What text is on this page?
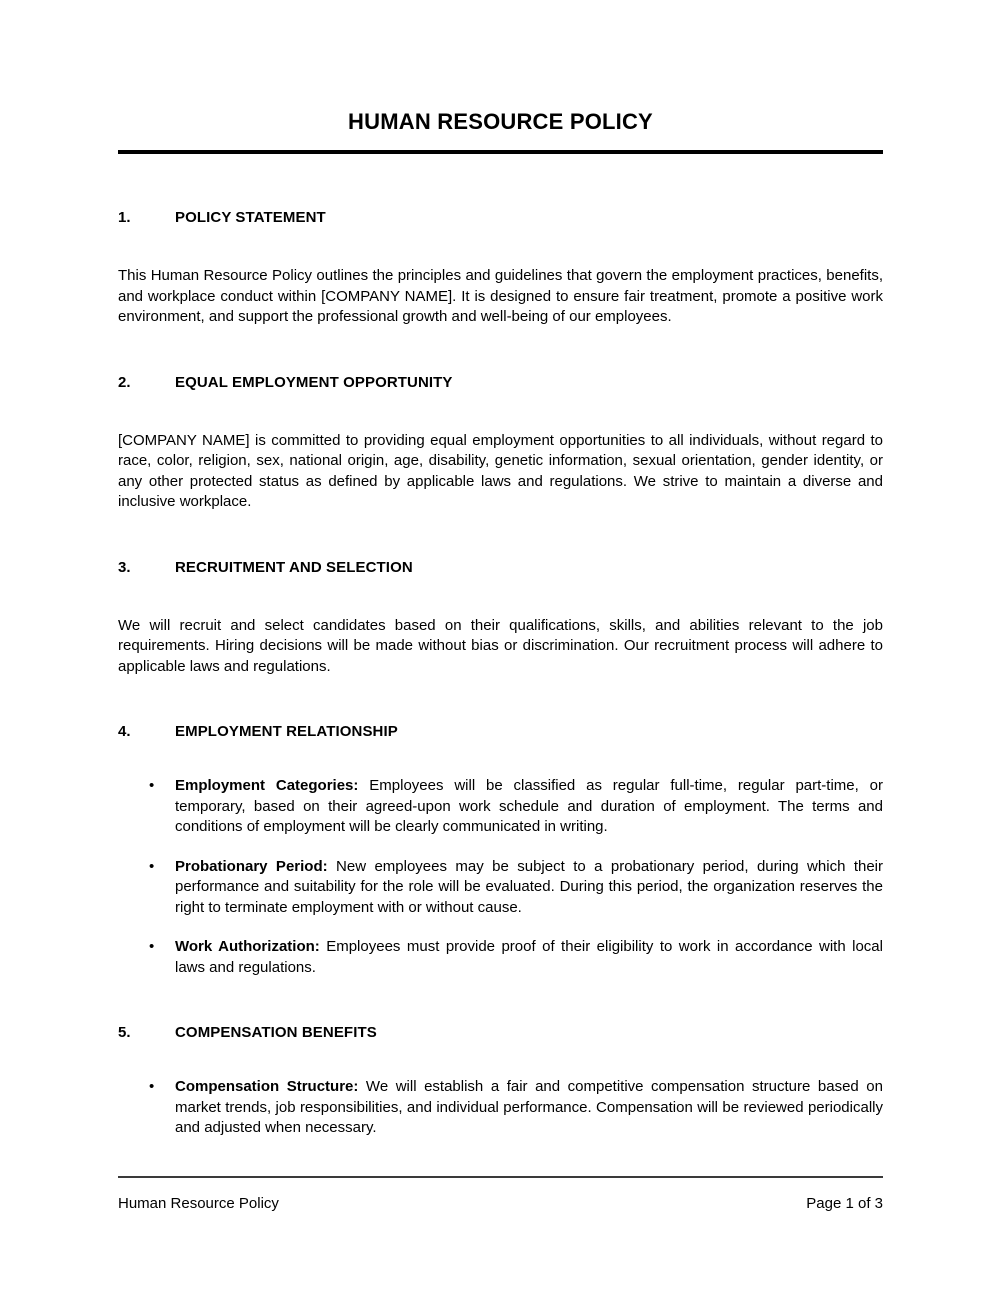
HUMAN RESOURCE POLICY
1.	POLICY STATEMENT

This Human Resource Policy outlines the principles and guidelines that govern the employment practices, benefits, and workplace conduct within [COMPANY NAME]. It is designed to ensure fair treatment, promote a positive work environment, and support the professional growth and well-being of our employees.

2.	EQUAL EMPLOYMENT OPPORTUNITY

[COMPANY NAME] is committed to providing equal employment opportunities to all individuals, without regard to race, color, religion, sex, national origin, age, disability, genetic information, sexual orientation, gender identity, or any other protected status as defined by applicable laws and regulations. We strive to maintain a diverse and inclusive workplace.

3.	RECRUITMENT AND SELECTION

We will recruit and select candidates based on their qualifications, skills, and abilities relevant to the job requirements. Hiring decisions will be made without bias or discrimination. Our recruitment process will adhere to applicable laws and regulations.

4.	EMPLOYMENT RELATIONSHIP
• Employment Categories: Employees will be classified as regular full-time, regular part-time, or temporary, based on their agreed-upon work schedule and duration of employment. The terms and conditions of employment will be clearly communicated in writing.
• Probationary Period: New employees may be subject to a probationary period, during which their performance and suitability for the role will be evaluated. During this period, the organization reserves the right to terminate employment with or without cause.
• Work Authorization: Employees must provide proof of their eligibility to work in accordance with local laws and regulations.
5.	COMPENSATION BENEFITS
• Compensation Structure: We will establish a fair and competitive compensation structure based on market trends, job responsibilities, and individual performance. Compensation will be reviewed periodically and adjusted when necessary.
Human Resource Policy	Page 1 of 3
